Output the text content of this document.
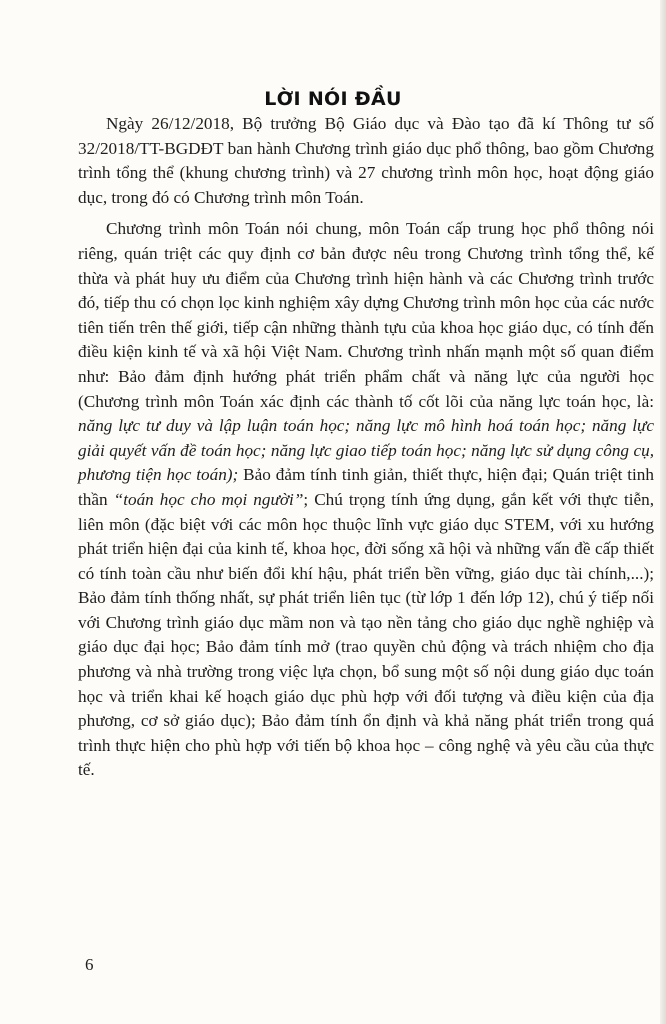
LỜI NÓI ĐẦU

Ngày 26/12/2018, Bộ trưởng Bộ Giáo dục và Đào tạo đã kí Thông tư số 32/2018/TT-BGDĐT ban hành Chương trình giáo dục phổ thông, bao gồm Chương trình tổng thể (khung chương trình) và 27 chương trình môn học, hoạt động giáo dục, trong đó có Chương trình môn Toán.

Chương trình môn Toán nói chung, môn Toán cấp trung học phổ thông nói riêng, quán triệt các quy định cơ bản được nêu trong Chương trình tổng thể, kế thừa và phát huy ưu điểm của Chương trình hiện hành và các Chương trình trước đó, tiếp thu có chọn lọc kinh nghiệm xây dựng Chương trình môn học của các nước tiên tiến trên thế giới, tiếp cận những thành tựu của khoa học giáo dục, có tính đến điều kiện kinh tế và xã hội Việt Nam. Chương trình nhấn mạnh một số quan điểm như: Bảo đảm định hướng phát triển phẩm chất và năng lực của người học (Chương trình môn Toán xác định các thành tố cốt lõi của năng lực toán học, là: năng lực tư duy và lập luận toán học; năng lực mô hình hoá toán học; năng lực giải quyết vấn đề toán học; năng lực giao tiếp toán học; năng lực sử dụng công cụ, phương tiện học toán); Bảo đảm tính tinh giản, thiết thực, hiện đại; Quán triệt tinh thần “toán học cho mọi người”; Chú trọng tính ứng dụng, gắn kết với thực tiễn, liên môn (đặc biệt với các môn học thuộc lĩnh vực giáo dục STEM, với xu hướng phát triển hiện đại của kinh tế, khoa học, đời sống xã hội và những vấn đề cấp thiết có tính toàn cầu như biến đổi khí hậu, phát triển bền vững, giáo dục tài chính,...); Bảo đảm tính thống nhất, sự phát triển liên tục (từ lớp 1 đến lớp 12), chú ý tiếp nối với Chương trình giáo dục mầm non và tạo nền tảng cho giáo dục nghề nghiệp và giáo dục đại học; Bảo đảm tính mở (trao quyền chủ động và trách nhiệm cho địa phương và nhà trường trong việc lựa chọn, bổ sung một số nội dung giáo dục toán học và triển khai kế hoạch giáo dục phù hợp với đối tượng và điều kiện của địa phương, cơ sở giáo dục); Bảo đảm tính ổn định và khả năng phát triển trong quá trình thực hiện cho phù hợp với tiến bộ khoa học – công nghệ và yêu cầu của thực tế.

6
